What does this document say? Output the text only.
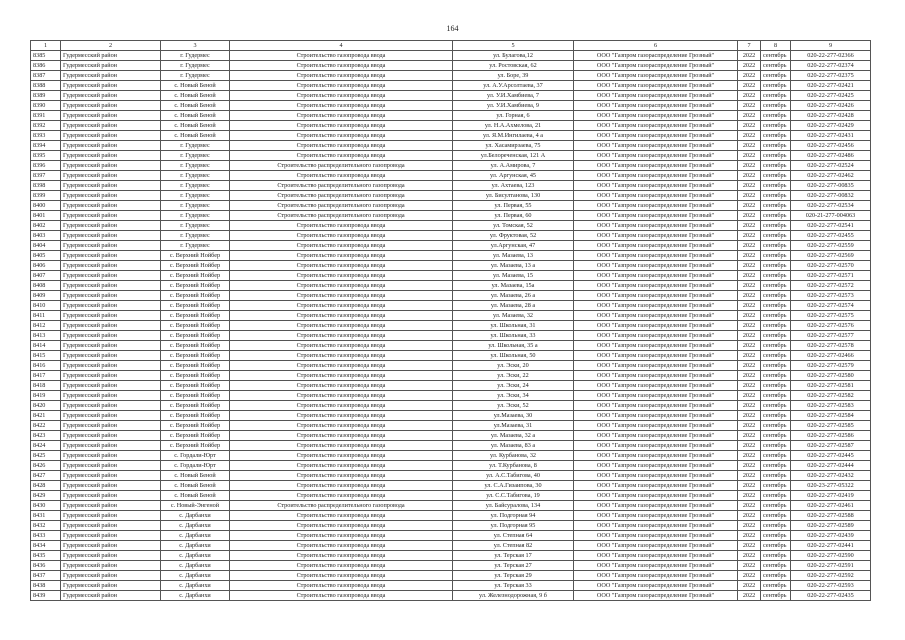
164
1	2	3	4	5	6	7	8	9
8385	Гудермесский район	г. Гудермес	Строительство газопровода ввода	ул. Булагова,12	ООО "Газпром газораспределение Грозный"	2022	сентябрь	020-22-277-02366
8386	Гудермесский район	г. Гудермес	Строительство газопровода ввода	ул. Ростовская, 62	ООО "Газпром газораспределение Грозный"	2022	сентябрь	020-22-277-02374
8387	Гудермесский район	г. Гудермес	Строительство газопровода ввода	ул. Боре, 39	ООО "Газпром газораспределение Грозный"	2022	сентябрь	020-22-277-02375
8388	Гудермесский район	с. Новый Беной	Строительство газопровода ввода	ул. А.У.Арсолтаева, 37	ООО "Газпром газораспределение Грозный"	2022	сентябрь	020-22-277-02421
8389	Гудермесский район	с. Новый Беной	Строительство газопровода ввода	ул. У.И.Хамбиева, 7	ООО "Газпром газораспределение Грозный"	2022	сентябрь	020-22-277-02425
8390	Гудермесский район	с. Новый Беной	Строительство газопровода ввода	ул. У.И.Хамбиева, 9	ООО "Газпром газораспределение Грозный"	2022	сентябрь	020-22-277-02426
8391	Гудермесский район	с. Новый Беной	Строительство газопровода ввода	ул. Горная, 6	ООО "Газпром газораспределение Грозный"	2022	сентябрь	020-22-277-02428
8392	Гудермесский район	с. Новый Беной	Строительство газопровода ввода	ул. Н.А.Ахмелова, 21	ООО "Газпром газораспределение Грозный"	2022	сентябрь	020-22-277-02429
8393	Гудермесский район	с. Новый Беной	Строительство газопровода ввода	ул. Я.М.Ингилаева, 4 а	ООО "Газпром газораспределение Грозный"	2022	сентябрь	020-22-277-02431
8394	Гудермесский район	г. Гудермес	Строительство газопровода ввода	ул. Хасамирзаева, 75	ООО "Газпром газораспределение Грозный"	2022	сентябрь	020-22-277-02456
8395	Гудермесский район	г. Гудермес	Строительство газопровода ввода	ул.Белореченская, 121 А	ООО "Газпром газораспределение Грозный"	2022	сентябрь	020-22-277-02486
8396	Гудермесский район	г. Гудермес	Строительство распределительного газопровода	ул. А.Амирова, 7	ООО "Газпром газораспределение Грозный"	2022	сентябрь	020-22-277-02524
8397	Гудермесский район	г. Гудермес	Строительство газопровода ввода	ул. Аргунская, 45	ООО "Газпром газораспределение Грозный"	2022	сентябрь	020-22-277-02462
8398	Гудермесский район	г. Гудермес	Строительство распределительного газопровода	ул. Ахтаева, 123	ООО "Газпром газораспределение Грозный"	2022	сентябрь	020-22-277-00835
8399	Гудермесский район	г. Гудермес	Строительство распределительного газопровода	ул. Бисултанова, 130	ООО "Газпром газораспределение Грозный"	2022	сентябрь	020-22-277-00832
8400	Гудермесский район	г. Гудермес	Строительство распределительного газопровода	ул. Первая, 55	ООО "Газпром газораспределение Грозный"	2022	сентябрь	020-22-277-02534
8401	Гудермесский район	г. Гудермес	Строительство распределительного газопровода	ул. Первая, 60	ООО "Газпром газораспределение Грозный"	2022	сентябрь	020-21-277-004063
8402	Гудермесский район	г. Гудермес	Строительство газопровода ввода	ул. Томская, 52	ООО "Газпром газораспределение Грозный"	2022	сентябрь	020-22-277-02541
8403	Гудермесский район	г. Гудермес	Строительство газопровода ввода	ул. Фруктовая, 52	ООО "Газпром газораспределение Грозный"	2022	сентябрь	020-22-277-02455
8404	Гудермесский район	г. Гудермес	Строительство газопровода ввода	ул.Аргунская, 47	ООО "Газпром газораспределение Грозный"	2022	сентябрь	020-22-277-02559
8405	Гудермесский район	с. Верхний Нойбер	Строительство газопровода ввода	ул. Мазаева, 13	ООО "Газпром газораспределение Грозный"	2022	сентябрь	020-22-277-02569
8406	Гудермесский район	с. Верхний Нойбер	Строительство газопровода ввода	ул. Мазаева, 13 а	ООО "Газпром газораспределение Грозный"	2022	сентябрь	020-22-277-02570
8407	Гудермесский район	с. Верхний Нойбер	Строительство газопровода ввода	ул. Мазаева, 15	ООО "Газпром газораспределение Грозный"	2022	сентябрь	020-22-277-02571
8408	Гудермесский район	с. Верхний Нойбер	Строительство газопровода ввода	ул. Мазаева, 15а	ООО "Газпром газораспределение Грозный"	2022	сентябрь	020-22-277-02572
8409	Гудермесский район	с. Верхний Нойбер	Строительство газопровода ввода	ул. Мазаева, 26 а	ООО "Газпром газораспределение Грозный"	2022	сентябрь	020-22-277-02573
8410	Гудермесский район	с. Верхний Нойбер	Строительство газопровода ввода	ул. Мазаева, 28 а	ООО "Газпром газораспределение Грозный"	2022	сентябрь	020-22-277-02574
8411	Гудермесский район	с. Верхний Нойбер	Строительство газопровода ввода	ул. Мазаева, 32	ООО "Газпром газораспределение Грозный"	2022	сентябрь	020-22-277-02575
8412	Гудермесский район	с. Верхний Нойбер	Строительство газопровода ввода	ул. Школьная, 31	ООО "Газпром газораспределение Грозный"	2022	сентябрь	020-22-277-02576
8413	Гудермесский район	с. Верхний Нойбер	Строительство газопровода ввода	ул. Школьная, 33	ООО "Газпром газораспределение Грозный"	2022	сентябрь	020-22-277-02577
8414	Гудермесский район	с. Верхний Нойбер	Строительство газопровода ввода	ул. Школьная, 35 а	ООО "Газпром газораспределение Грозный"	2022	сентябрь	020-22-277-02578
8415	Гудермесский район	с. Верхний Нойбер	Строительство газопровода ввода	ул. Школьная, 50	ООО "Газпром газораспределение Грозный"	2022	сентябрь	020-22-277-02466
8416	Гудермесский район	с. Верхний Нойбер	Строительство газопровода ввода	ул. Эски, 20	ООО "Газпром газораспределение Грозный"	2022	сентябрь	020-22-277-02579
8417	Гудермесский район	с. Верхний Нойбер	Строительство газопровода ввода	ул. Эски, 22	ООО "Газпром газораспределение Грозный"	2022	сентябрь	020-22-277-02580
8418	Гудермесский район	с. Верхний Нойбер	Строительство газопровода ввода	ул. Эски, 24	ООО "Газпром газораспределение Грозный"	2022	сентябрь	020-22-277-02581
8419	Гудермесский район	с. Верхний Нойбер	Строительство газопровода ввода	ул. Эски, 34	ООО "Газпром газораспределение Грозный"	2022	сентябрь	020-22-277-02582
8420	Гудермесский район	с. Верхний Нойбер	Строительство газопровода ввода	ул. Эски, 52	ООО "Газпром газораспределение Грозный"	2022	сентябрь	020-22-277-02583
8421	Гудермесский район	с. Верхний Нойбер	Строительство газопровода ввода	ул.Мазаева, 30	ООО "Газпром газораспределение Грозный"	2022	сентябрь	020-22-277-02584
8422	Гудермесский район	с. Верхний Нойбер	Строительство газопровода ввода	ул.Мазаева, 31	ООО "Газпром газораспределение Грозный"	2022	сентябрь	020-22-277-02585
8423	Гудермесский район	с. Верхний Нойбер	Строительство газопровода ввода	ул. Мазаева, 32 а	ООО "Газпром газораспределение Грозный"	2022	сентябрь	020-22-277-02586
8424	Гудермесский район	с. Верхний Нойбер	Строительство газопровода ввода	ул. Мазаева, 83 а	ООО "Газпром газораспределение Грозный"	2022	сентябрь	020-22-277-02587
8425	Гудермесский район	с. Гордали-Юрт	Строительство газопровода ввода	ул. Курбанова, 32	ООО "Газпром газораспределение Грозный"	2022	сентябрь	020-22-277-02445
8426	Гудермесский район	с. Гордали-Юрт	Строительство газопровода ввода	ул. Т.Курбанова, 8	ООО "Газпром газораспределение Грозный"	2022	сентябрь	020-22-277-02444
8427	Гудермесский район	с. Новый Беной	Строительство газопровода ввода	ул. А.С.Табигова, 40	ООО "Газпром газораспределение Грозный"	2022	сентябрь	020-22-277-02432
8428	Гудермесский район	с. Новый Беной	Строительство газопровода ввода	ул. С.А.Гизаипова, 30	ООО "Газпром газораспределение Грозный"	2022	сентябрь	020-23-277-05322
8429	Гудермесский район	с. Новый Беной	Строительство газопровода ввода	ул. С.С.Табигова, 19	ООО "Газпром газораспределение Грозный"	2022	сентябрь	020-22-277-02419
8430	Гудермесский район	с. Новый-Энгеной	Строительство распределительного газопровода	ул. Байсуралова, 134	ООО "Газпром газораспределение Грозный"	2022	сентябрь	020-22-277-02461
8431	Гудермесский район	с. Дарбанхи	Строительство газопровода ввода	ул. Подгорная 94	ООО "Газпром газораспределение Грозный"	2022	сентябрь	020-22-277-02588
8432	Гудермесский район	с. Дарбанхи	Строительство газопровода ввода	ул. Подгорная 95	ООО "Газпром газораспределение Грозный"	2022	сентябрь	020-22-277-02589
8433	Гудермесский район	с. Дарбанхи	Строительство газопровода ввода	ул. Степная 64	ООО "Газпром газораспределение Грозный"	2022	сентябрь	020-22-277-02439
8434	Гудермесский район	с. Дарбанхи	Строительство газопровода ввода	ул. Степная 82	ООО "Газпром газораспределение Грозный"	2022	сентябрь	020-22-277-02441
8435	Гудермесский район	с. Дарбанхи	Строительство газопровода ввода	ул. Терская 17	ООО "Газпром газораспределение Грозный"	2022	сентябрь	020-22-277-02590
8436	Гудермесский район	с. Дарбанхи	Строительство газопровода ввода	ул. Терская 27	ООО "Газпром газораспределение Грозный"	2022	сентябрь	020-22-277-02591
8437	Гудермесский район	с. Дарбанхи	Строительство газопровода ввода	ул. Терская 29	ООО "Газпром газораспределение Грозный"	2022	сентябрь	020-22-277-02592
8438	Гудермесский район	с. Дарбанхи	Строительство газопровода ввода	ул. Терская 33	ООО "Газпром газораспределение Грозный"	2022	сентябрь	020-22-277-02593
8439	Гудермесский район	с. Дарбанхи	Строительство газопровода ввода	ул. Железнодорожная, 9 б	ООО "Газпром газораспределение Грозный"	2022	сентябрь	020-22-277-02435
